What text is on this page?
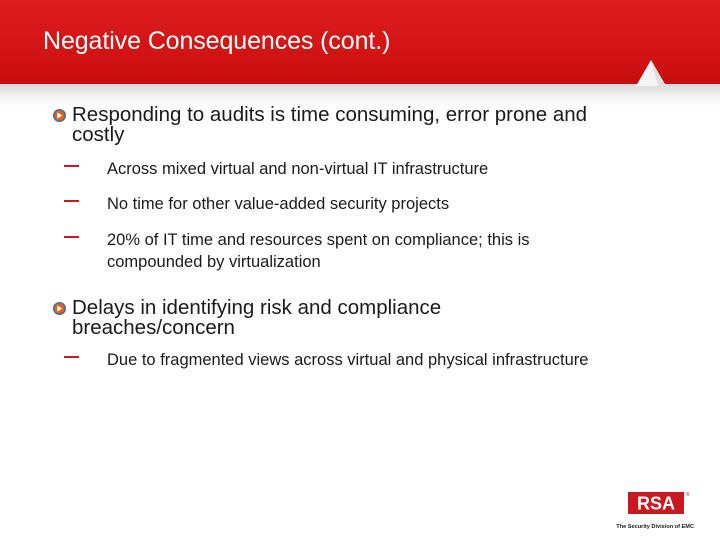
Negative Consequences (cont.)
Responding to audits is time consuming, error prone and
costly
Across mixed virtual and non-virtual IT infrastructure
No time for other value-added security projects
20% of IT time and resources spent on compliance; this is
compounded by virtualization
Delays in identifying risk and compliance
breaches/concern
Due to fragmented views across virtual and physical infrastructure
RSA ®
The Security Division of EMC
